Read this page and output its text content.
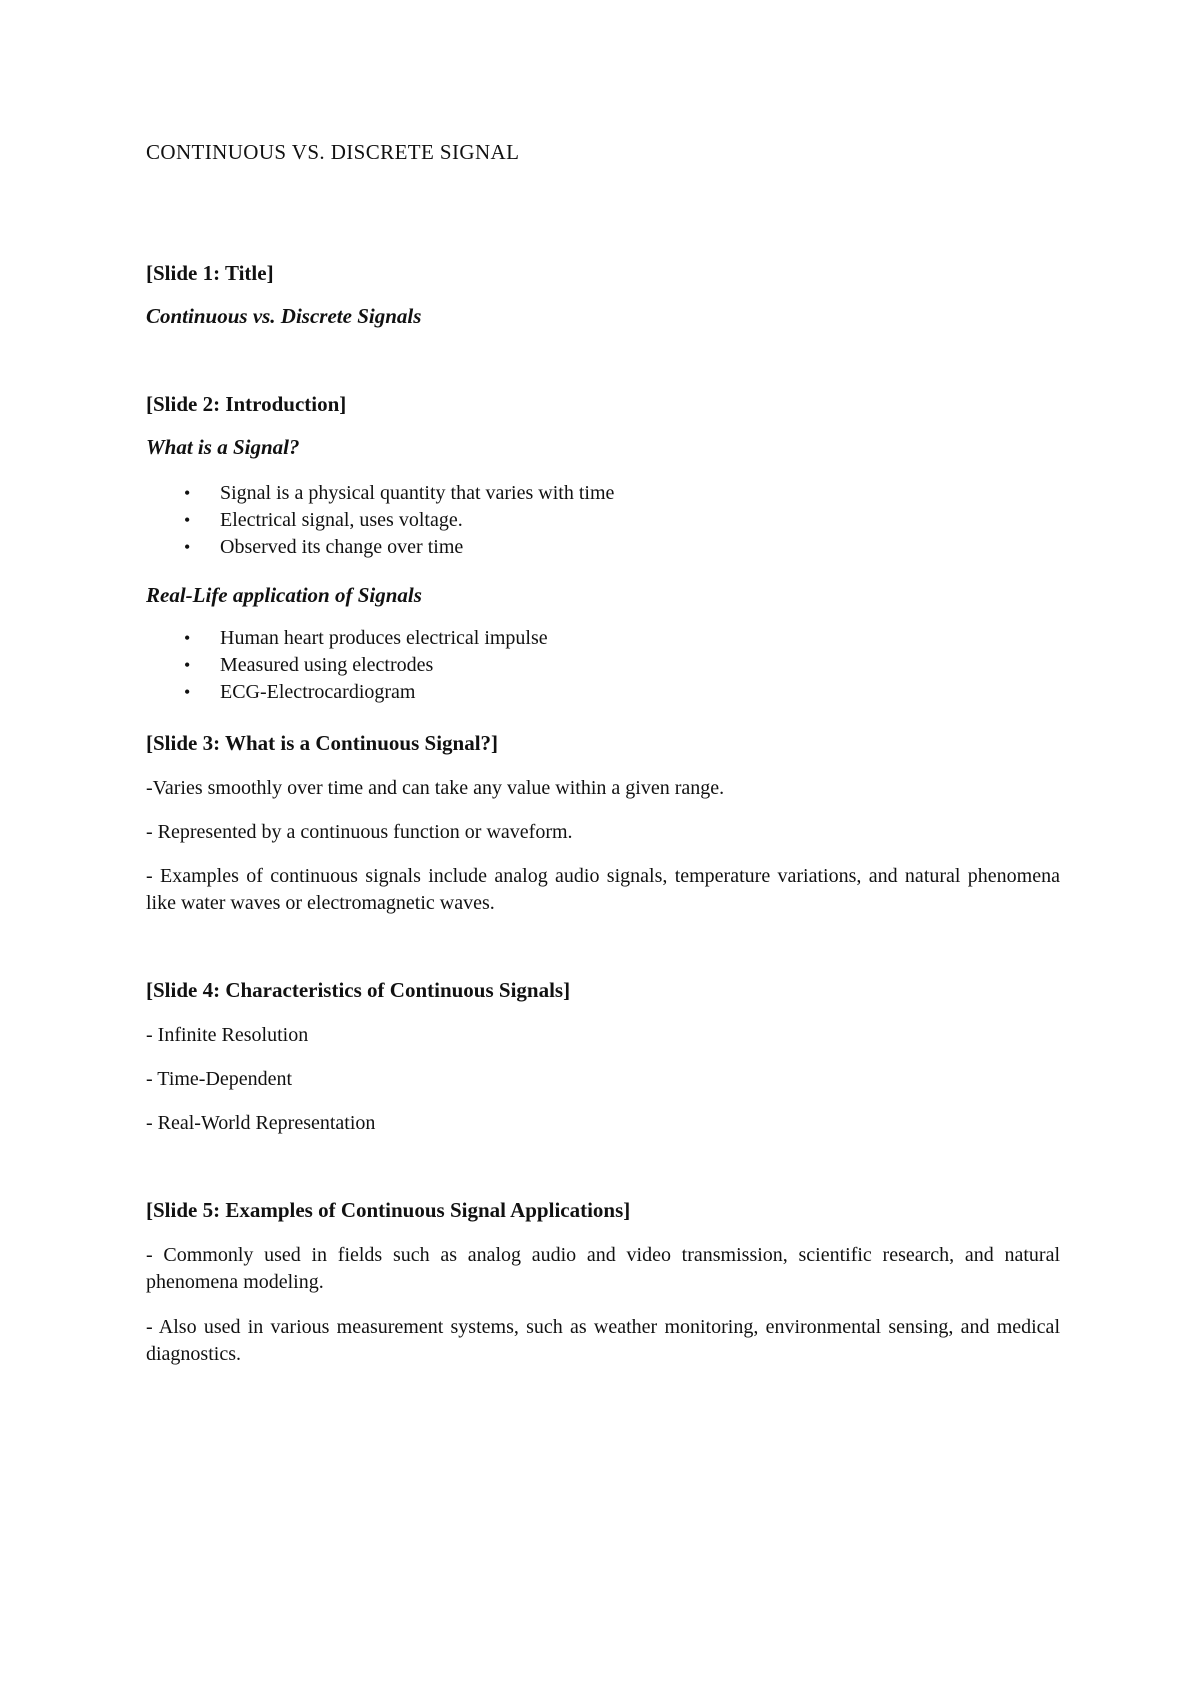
CONTINUOUS VS. DISCRETE SIGNAL
[Slide 1: Title]
Continuous vs. Discrete Signals
[Slide 2: Introduction]
What is a Signal?
• Signal is a physical quantity that varies with time
• Electrical signal, uses voltage.
• Observed its change over time
Real-Life application of Signals
• Human heart produces electrical impulse
• Measured using electrodes
• ECG-Electrocardiogram
[Slide 3: What is a Continuous Signal?]

-Varies smoothly over time and can take any value within a given range.

- Represented by a continuous function or waveform.

- Examples of continuous signals include analog audio signals, temperature variations, and natural phenomena like water waves or electromagnetic waves.

[Slide 4: Characteristics of Continuous Signals]

- Infinite Resolution

- Time-Dependent

- Real-World Representation

[Slide 5: Examples of Continuous Signal Applications]

- Commonly used in fields such as analog audio and video transmission, scientific research, and natural phenomena modeling.

- Also used in various measurement systems, such as weather monitoring, environmental sensing, and medical diagnostics.
